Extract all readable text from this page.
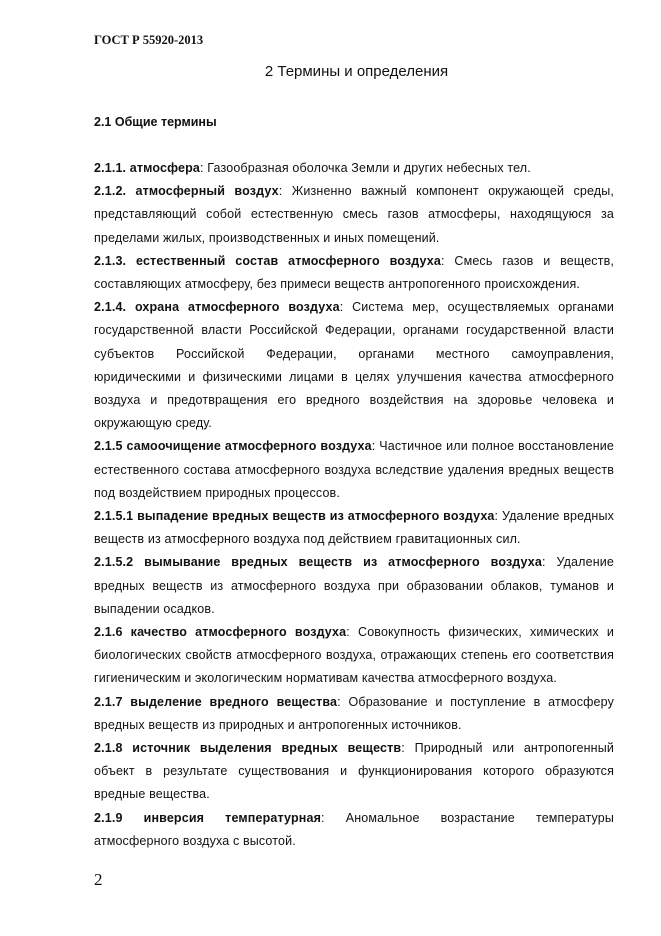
ГОСТ Р 55920-2013
2 Термины и определения
2.1 Общие термины

2.1.1. атмосфера: Газообразная оболочка Земли и других небесных тел.

2.1.2. атмосферный воздух: Жизненно важный компонент окружающей среды, представляющий собой естественную смесь газов атмосферы, находящуюся за пределами жилых, производственных и иных помещений.

2.1.3. естественный состав атмосферного воздуха: Смесь газов и веществ, составляющих атмосферу, без примеси веществ антропогенного происхождения.

2.1.4. охрана атмосферного воздуха: Система мер, осуществляемых органами государственной власти Российской Федерации, органами государственной власти субъектов Российской Федерации, органами местного самоуправления, юридическими и физическими лицами в целях улучшения качества атмосферного воздуха и предотвращения его вредного воздействия на здоровье человека и окружающую среду.

2.1.5 самоочищение атмосферного воздуха: Частичное или полное восстановление естественного состава атмосферного воздуха вследствие удаления вредных веществ под воздействием природных процессов.

2.1.5.1 выпадение вредных веществ из атмосферного воздуха: Удаление вредных веществ из атмосферного воздуха под действием гравитационных сил.

2.1.5.2 вымывание вредных веществ из атмосферного воздуха: Удаление вредных веществ из атмосферного воздуха при образовании облаков, туманов и выпадении осадков.

2.1.6 качество атмосферного воздуха: Совокупность физических, химических и биологических свойств атмосферного воздуха, отражающих степень его соответствия гигиеническим и экологическим нормативам качества атмосферного воздуха.

2.1.7 выделение вредного вещества: Образование и поступление в атмосферу вредных веществ из природных и антропогенных источников.

2.1.8 источник выделения вредных веществ: Природный или антропогенный объект в результате существования и функционирования которого образуются вредные вещества.

2.1.9 инверсия температурная: Аномальное возрастание температуры атмосферного воздуха с высотой.

2
